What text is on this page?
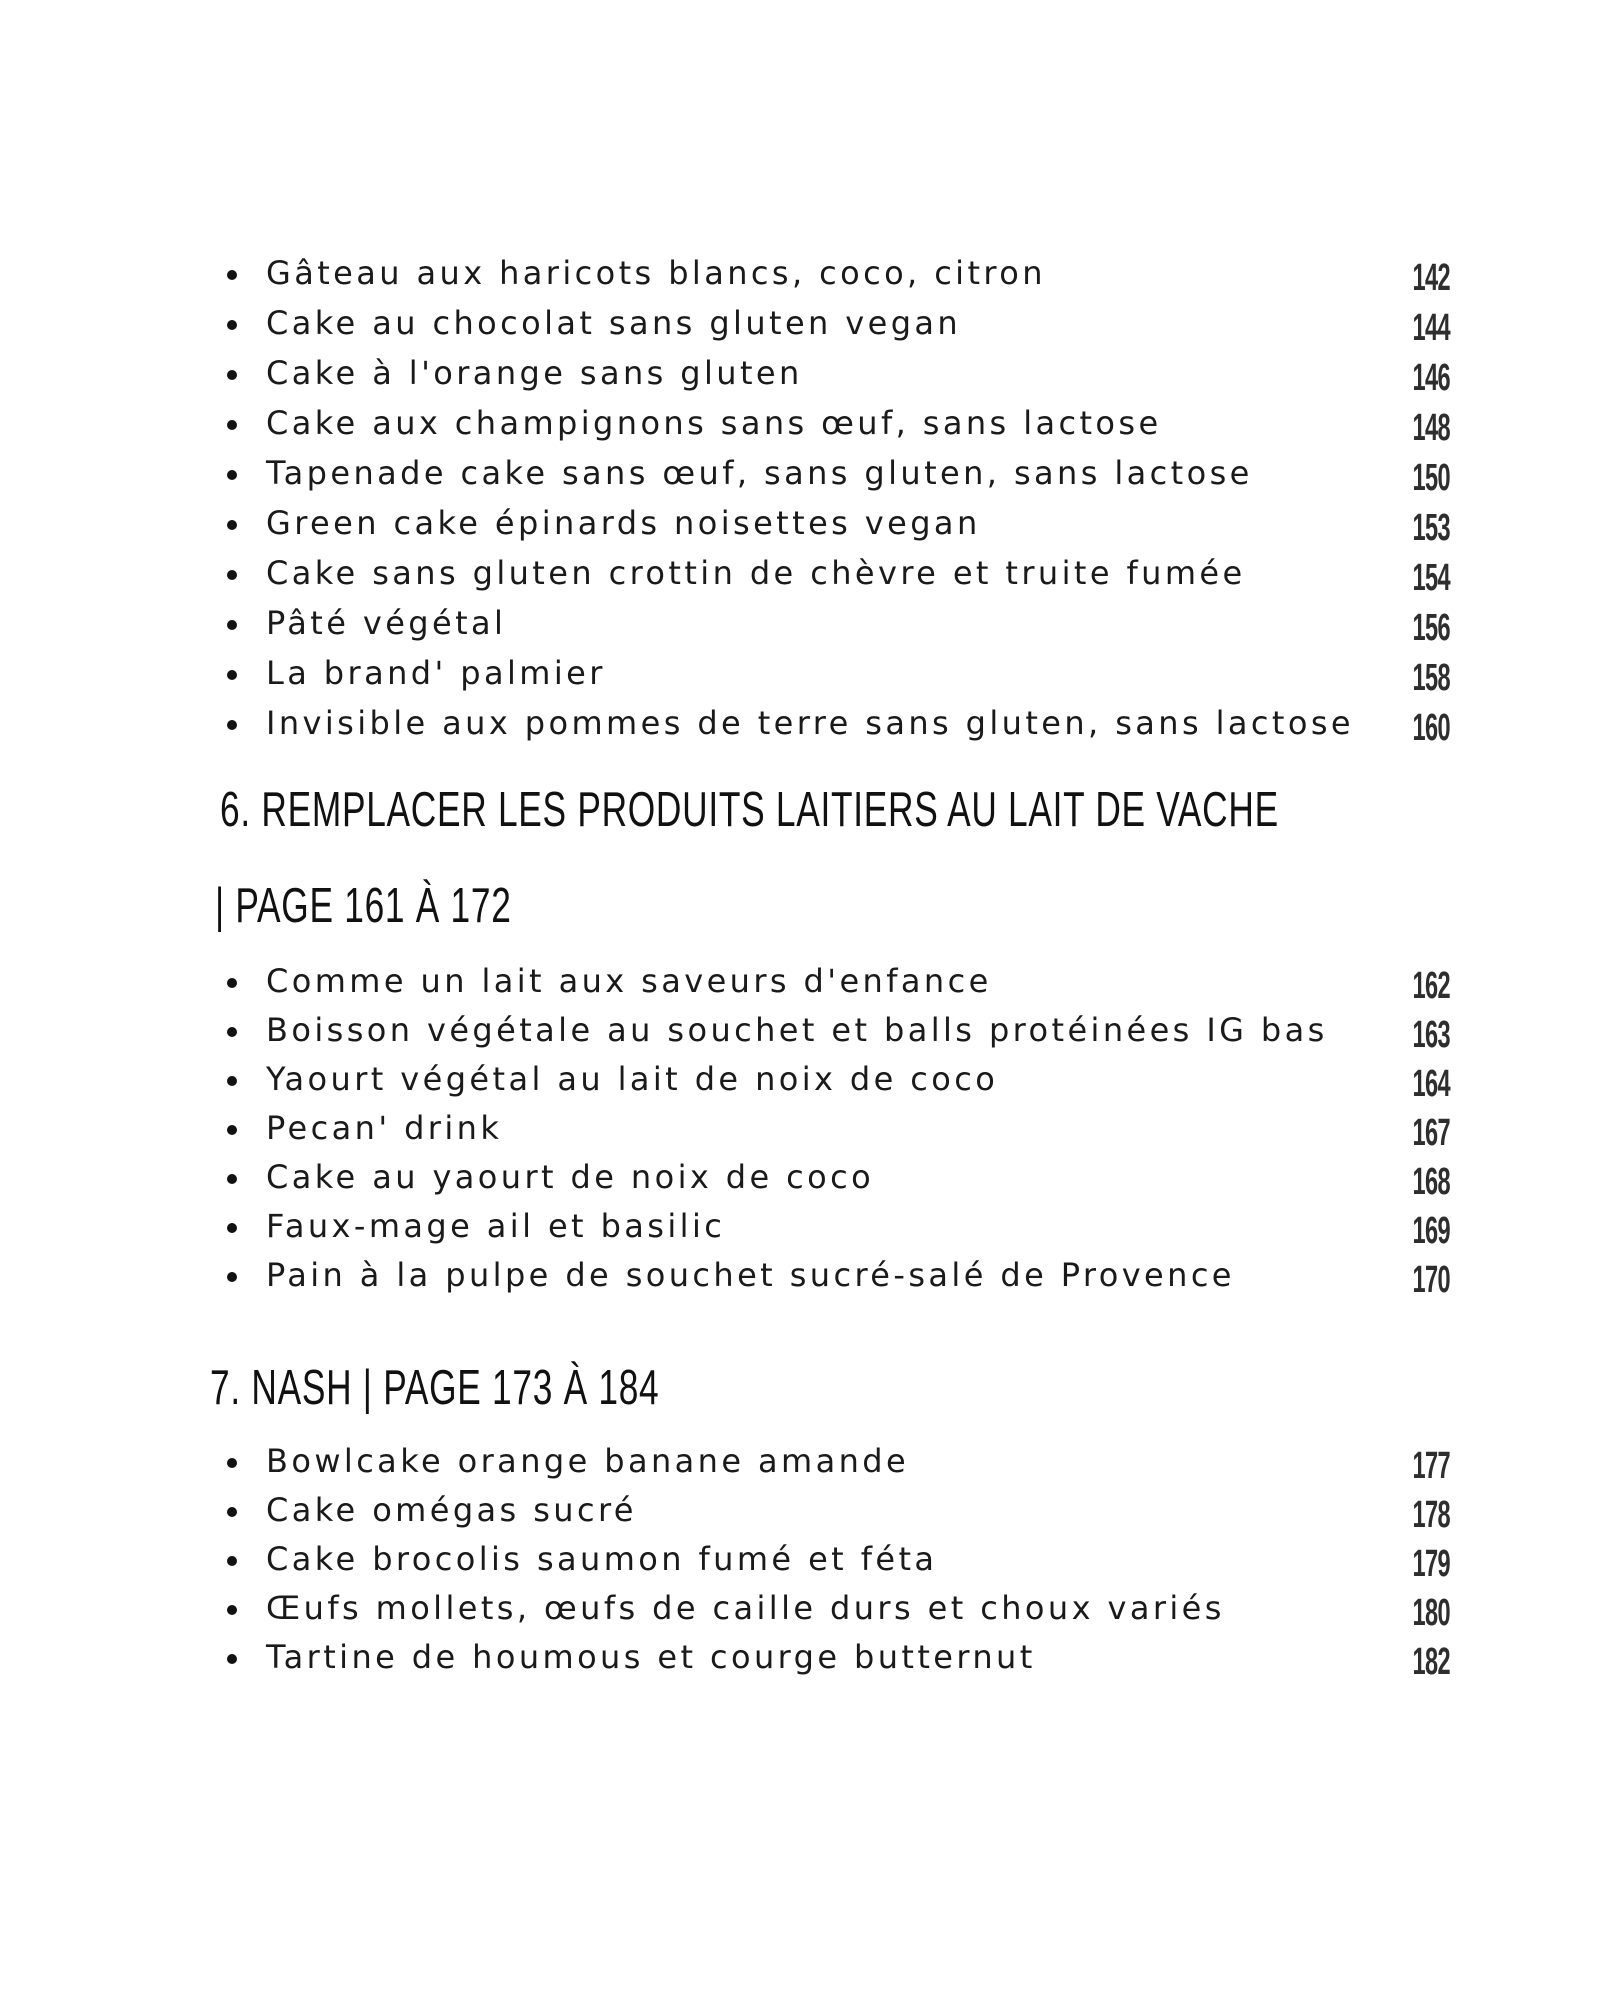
Gâteau aux haricots blancs, coco, citron	142
Cake au chocolat sans gluten vegan	144
Cake à l'orange sans gluten	146
Cake aux champignons sans œuf, sans lactose	148
Tapenade cake sans œuf, sans gluten, sans lactose	150
Green cake épinards noisettes vegan	153
Cake sans gluten crottin de chèvre et truite fumée	154
Pâté végétal	156
La brand' palmier	158
Invisible aux pommes de terre sans gluten, sans lactose	160
6. REMPLACER LES PRODUITS LAITIERS AU LAIT DE VACHE
| PAGE 161 À 172
Comme un lait aux saveurs d'enfance	162
Boisson végétale au souchet et balls protéinées IG bas	163
Yaourt végétal au lait de noix de coco	164
Pecan' drink	167
Cake au yaourt de noix de coco	168
Faux-mage ail et basilic	169
Pain à la pulpe de souchet sucré-salé de Provence	170
7. NASH | PAGE 173 À 184
Bowlcake orange banane amande	177
Cake omégas sucré	178
Cake brocolis saumon fumé et féta	179
Œufs mollets, œufs de caille durs et choux variés	180
Tartine de houmous et courge butternut	182
